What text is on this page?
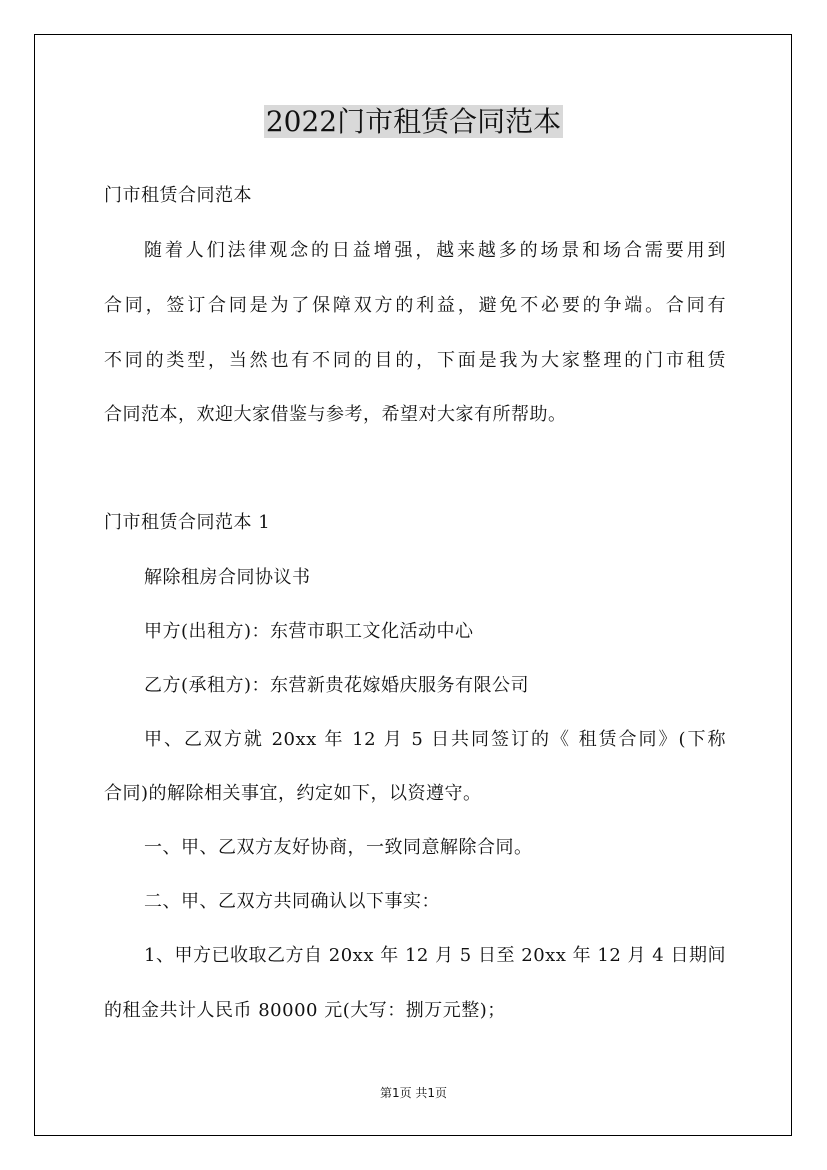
2022门市租赁合同范本
门市租赁合同范本
随着人们法律观念的日益增强，越来越多的场景和场合需要用到
合同，签订合同是为了保障双方的利益，避免不必要的争端。合同有
不同的类型，当然也有不同的目的，下面是我为大家整理的门市租赁
合同范本，欢迎大家借鉴与参考，希望对大家有所帮助。
门市租赁合同范本 1
解除租房合同协议书
甲方(出租方)：东营市职工文化活动中心
乙方(承租方)：东营新贵花嫁婚庆服务有限公司
甲、乙双方就 20xx 年 12 月 5 日共同签订的《 租赁合同》(下称
合同)的解除相关事宜，约定如下，以资遵守。
一、甲、乙双方友好协商，一致同意解除合同。
二、甲、乙双方共同确认以下事实：
1、甲方已收取乙方自 20xx 年 12 月 5 日至 20xx 年 12 月 4 日期间
的租金共计人民币 80000 元(大写：捌万元整)；
第1页 共1页
